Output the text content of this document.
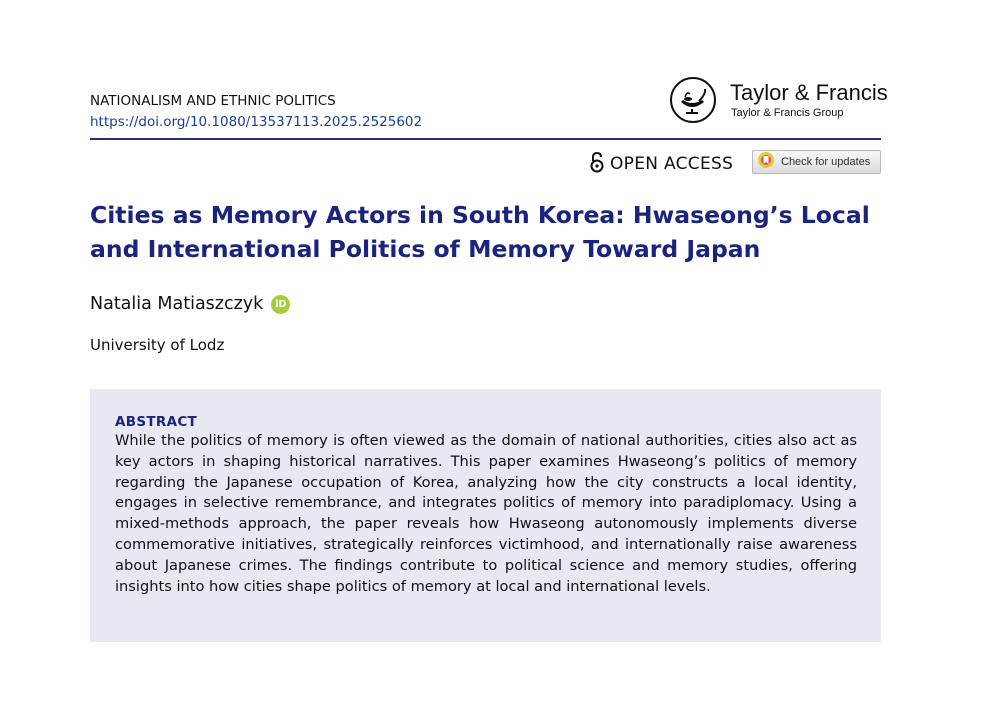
NATIONALISM AND ETHNIC POLITICS
https://doi.org/10.1080/13537113.2025.2525602
Taylor & Francis
Taylor & Francis Group
OPEN ACCESS	Check for updates
Cities as Memory Actors in South Korea: Hwaseong’s Local and International Politics of Memory Toward Japan
Natalia Matiaszczyk	iD
University of Lodz
ABSTRACT

While the politics of memory is often viewed as the domain of national authorities, cities also act as key actors in shaping historical narratives. This paper examines Hwaseong’s politics of memory regarding the Japanese occupation of Korea, analyzing how the city constructs a local identity, engages in selective remembrance, and integrates politics of memory into paradiplomacy. Using a mixed-methods approach, the paper reveals how Hwaseong autonomously implements diverse commemorative initiatives, strategically reinforces victimhood, and internationally raise awareness about Japanese crimes. The findings contribute to political science and memory studies, offering insights into how cities shape politics of memory at local and international levels.
